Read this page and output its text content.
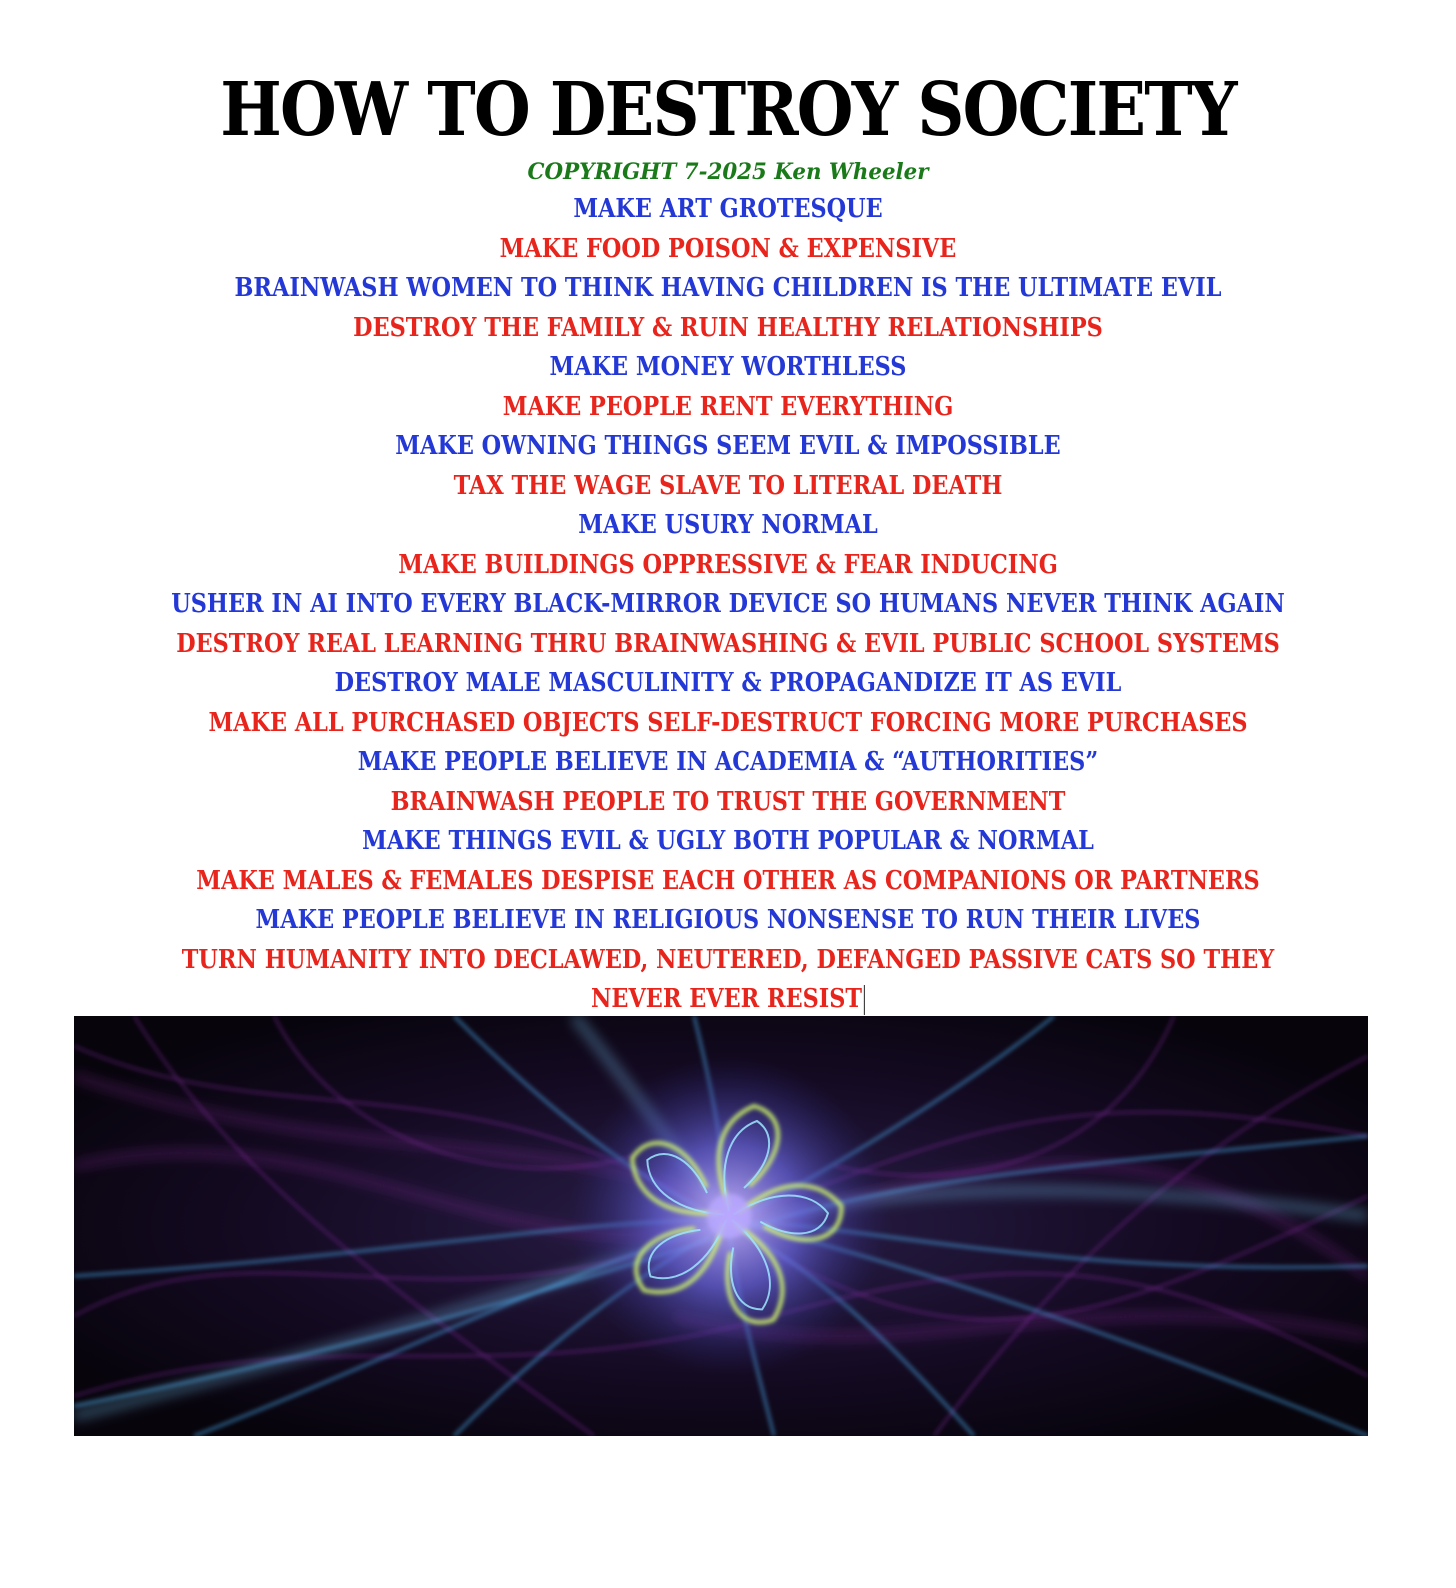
HOW TO DESTROY SOCIETY
COPYRIGHT 7-2025 Ken Wheeler
MAKE ART GROTESQUE
MAKE FOOD POISON & EXPENSIVE
BRAINWASH WOMEN TO THINK HAVING CHILDREN IS THE ULTIMATE EVIL
DESTROY THE FAMILY & RUIN HEALTHY RELATIONSHIPS
MAKE MONEY WORTHLESS
MAKE PEOPLE RENT EVERYTHING
MAKE OWNING THINGS SEEM EVIL & IMPOSSIBLE
TAX THE WAGE SLAVE TO LITERAL DEATH
MAKE USURY NORMAL
MAKE BUILDINGS OPPRESSIVE & FEAR INDUCING
USHER IN AI INTO EVERY BLACK-MIRROR DEVICE SO HUMANS NEVER THINK AGAIN
DESTROY REAL LEARNING THRU BRAINWASHING & EVIL PUBLIC SCHOOL SYSTEMS
DESTROY MALE MASCULINITY & PROPAGANDIZE IT AS EVIL
MAKE ALL PURCHASED OBJECTS SELF-DESTRUCT FORCING MORE PURCHASES
MAKE PEOPLE BELIEVE IN ACADEMIA & “AUTHORITIES”
BRAINWASH PEOPLE TO TRUST THE GOVERNMENT
MAKE THINGS EVIL & UGLY BOTH POPULAR & NORMAL
MAKE MALES & FEMALES DESPISE EACH OTHER AS COMPANIONS OR PARTNERS
MAKE PEOPLE BELIEVE IN RELIGIOUS NONSENSE TO RUN THEIR LIVES
TURN HUMANITY INTO DECLAWED, NEUTERED, DEFANGED PASSIVE CATS SO THEY NEVER EVER RESIST
